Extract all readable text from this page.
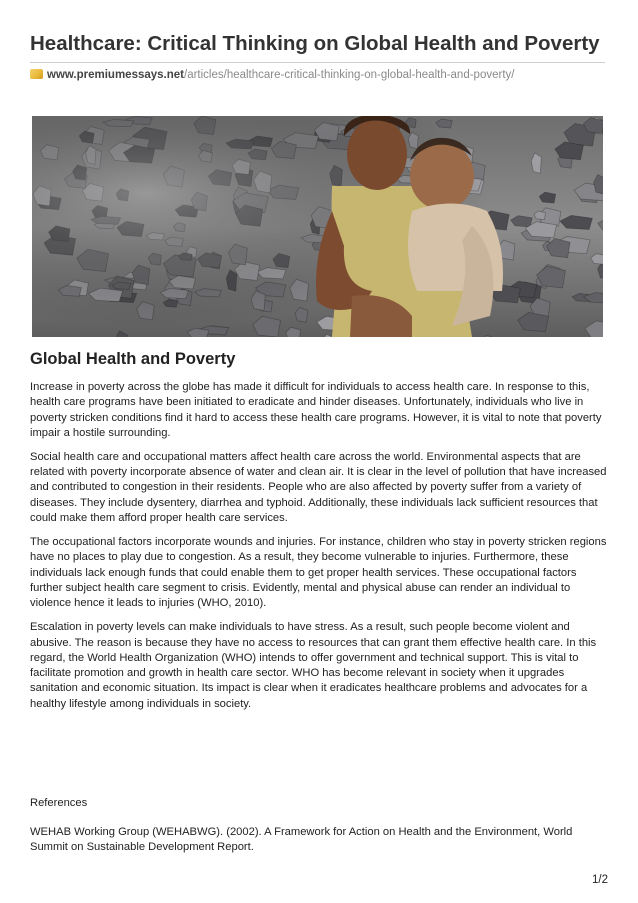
Healthcare: Critical Thinking on Global Health and Poverty
www.premiumessays.net/articles/healthcare-critical-thinking-on-global-health-and-poverty/
Global Health and Poverty

Increase in poverty across the globe has made it difficult for individuals to access health care. In response to this, health care programs have been initiated to eradicate and hinder diseases. Unfortunately, individuals who live in poverty stricken conditions find it hard to access these health care programs. However, it is vital to note that poverty impair a hostile surrounding.

Social health care and occupational matters affect health care across the world. Environmental aspects that are related with poverty incorporate absence of water and clean air. It is clear in the level of pollution that have increased and contributed to congestion in their residents. People who are also affected by poverty suffer from a variety of diseases. They include dysentery, diarrhea and typhoid. Additionally, these individuals lack sufficient resources that could make them afford proper health care services.

The occupational factors incorporate wounds and injuries. For instance, children who stay in poverty stricken regions have no places to play due to congestion. As a result, they become vulnerable to injuries. Furthermore, these individuals lack enough funds that could enable them to get proper health services. These occupational factors further subject health care segment to crisis. Evidently, mental and physical abuse can render an individual to violence hence it leads to injuries (WHO, 2010).

Escalation in poverty levels can make individuals to have stress. As a result, such people become violent and abusive. The reason is because they have no access to resources that can grant them effective health care. In this regard, the World Health Organization (WHO) intends to offer government and technical support. This is vital to facilitate promotion and growth in health care sector. WHO has become relevant in society when it upgrades sanitation and economic situation. Its impact is clear when it eradicates healthcare problems and advocates for a healthy lifestyle among individuals in society.

References
WEHAB Working Group (WEHABWG). (2002). A Framework for Action on Health and the Environment, World Summit on Sustainable Development Report.
1/2
